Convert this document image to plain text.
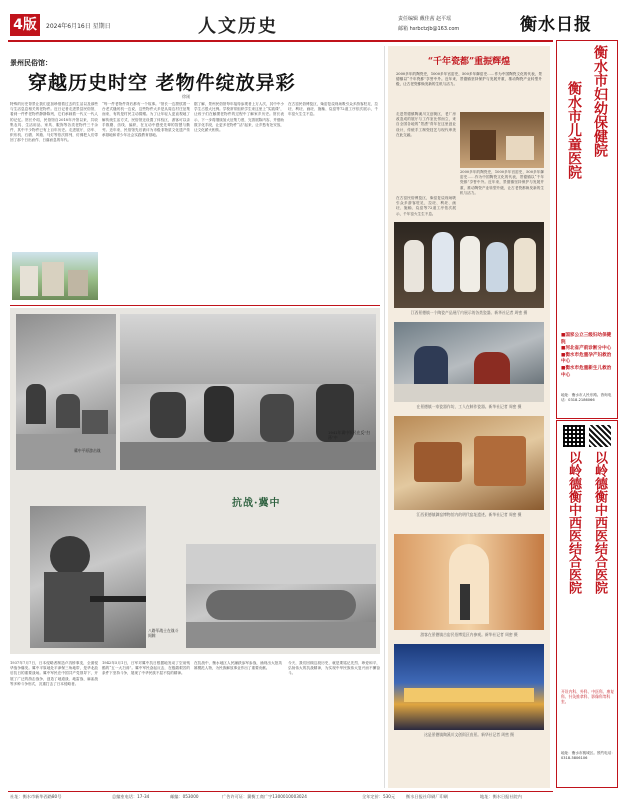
4版	2024年6月16日 星期日	人文历史	责任编辑 戴佳茜 赵平瑶
邮箱 hsrbctzjb@163.com	衡水日报
景州民俗馆：
穿越历史时空 老物件绽放异彩
徐刚
特殊的历史背景让我们更加珍惜着过去的生活以及那些与生活息息相关的老物件。近日记者走进景县民俗馆，看到一件件老物件静静陈列，它们承载着一代又一代人的记忆。馆长介绍，民俗馆自2018年开馆以来，共收集农具、生活用品、家具、服饰等各类老物件三千余件，其中不少物件已有上百年历史。走进展厅，纺车、织布机、石磨、风箱、马灯等依次排列，仿佛把人们带回了那个日出而作、日落而息的年代。
“每一件老物件背后都有一个故事。”馆长一边擦拭着一台老式缝纫机一边说，这些物件大多是从周边村庄征集而来，有的是村民主动捐赠。为了让年轻人更直观地了解传统生活方式，民俗馆还设置了体验区，游客可以亲手推磨、纺线、编织，在互动中感受先辈的智慧与勤劳。近年来，民俗馆先后被评为市级非物质文化遗产传承基地和青少年社会实践教育基地。
据了解，景州民俗馆每年接待参观者上万人次，其中中小学生占很大比例。学校常常组织学生来这里上“实践课”，让孩子们在触摸老物件的过程中了解家乡历史。馆长表示，下一步将继续加大征集力度，完善展陈内容，并借助数字化手段，让更多老物件“活”起来，让乡愁有处安放，让文化薪火相传。
在古窑民俗博览区，柴窑复烧现场吸引众多游客驻足，拉坯、利坯、画坯、施釉、烧窑等72道工序依次展示，千年窑火生生不息。
冀中平原游击战
1941年冀中军民在反“扫荡”中
抗战·冀中
八路军战士在战斗间隙
1937年7月7日，日本侵略者制造卢沟桥事变，全面侵华战争爆发。冀中平原地处平津保三角地带，是华北敌后抗日的重要战场。冀中军民在中国共产党领导下，开展了广泛的游击战争，创造了地道战、地雷战、麻雀战等多种斗争形式，沉重打击了日本侵略者。
1942年5月1日，日军对冀中抗日根据地发动了空前残酷的“五一大扫荡”。冀中军民奋起反击，在极端艰苦的条件下坚持斗争，展现了中华民族不屈不挠的精神。
在抗战中，衡水地区人民踊跃参军参战，涌现出大批英雄模范人物，为民族解放事业作出了重要贡献。
今天，我们回顾这段历史，就是要铭记先烈、珍爱和平，弘扬伟大的抗战精神，为实现中华民族伟大复兴而不懈奋斗。
“千年瓷都”重振辉煌
2000多年的陶瓷史，1000多年官窑史，500多年御窑史……作为中国陶瓷文化的代表，景德镇以“千年瓷都”享誉中外。近年来，景德镇坚持保护与发展并重，推动陶瓷产业转型升级，让古老瓷都焕发新的生机与活力。
走进景德镇陶溪川文创街区，老厂房改造成的展厅与工作室比邻而立，来自全国各地的“景漂”青年在这里创业设计，传统手工制瓷技艺与现代审美在此交融。
在古窑民俗博览区，柴窑复烧现场吸引众多游客驻足，拉坯、利坯、画坯、施釉、烧窑等72道工序依次展示，千年窑火生生不息。
2000多年的陶瓷史，1000多年官窑史，500多年御窑史……作为中国陶瓷文化的代表，景德镇以“千年瓷都”享誉中外。近年来，景德镇坚持保护与发展并重，推动陶瓷产业转型升级，让古老瓷都焕发新的生机与活力。
江西景德镇一个陶瓷产品展厅内展示的各类瓷器。新华社记者 周密 摄
在景德镇一家瓷器作坊，工人在制作瓷器。新华社记者 周密 摄
江西景德镇御窑博物馆内的明代窑址遗迹。新华社记者 周密 摄
游客在景德镇古窑民俗博览区内参观。新华社记者 周密 摄
这是景德镇陶溪川文创街区夜景。新华社记者 周密 摄
衡水市妇幼保健院
衡水市儿童医院
■国家公立三级妇幼保健院
■河北省产前诊断分中心
■衡水市危重孕产妇救治中心
■衡水市危重新生儿救治中心
地址：衡水市人民东路。咨询电话：0318-2186066
以岭德衡中西医结合医院
以岭德衡中西医结合医院
开设内科、外科、中医科、康复科、针灸推拿科、影像科等科室。
地址：衡水市桃城区。预约电话：0318-5806106
社址：衡水市新华西路80号	总编室电话：17-34	邮编：053000	广告许可证：冀衡工商广字1300010003024	全年定价：530元	衡水日报社印刷厂印刷	地址：衡水日报社院内
